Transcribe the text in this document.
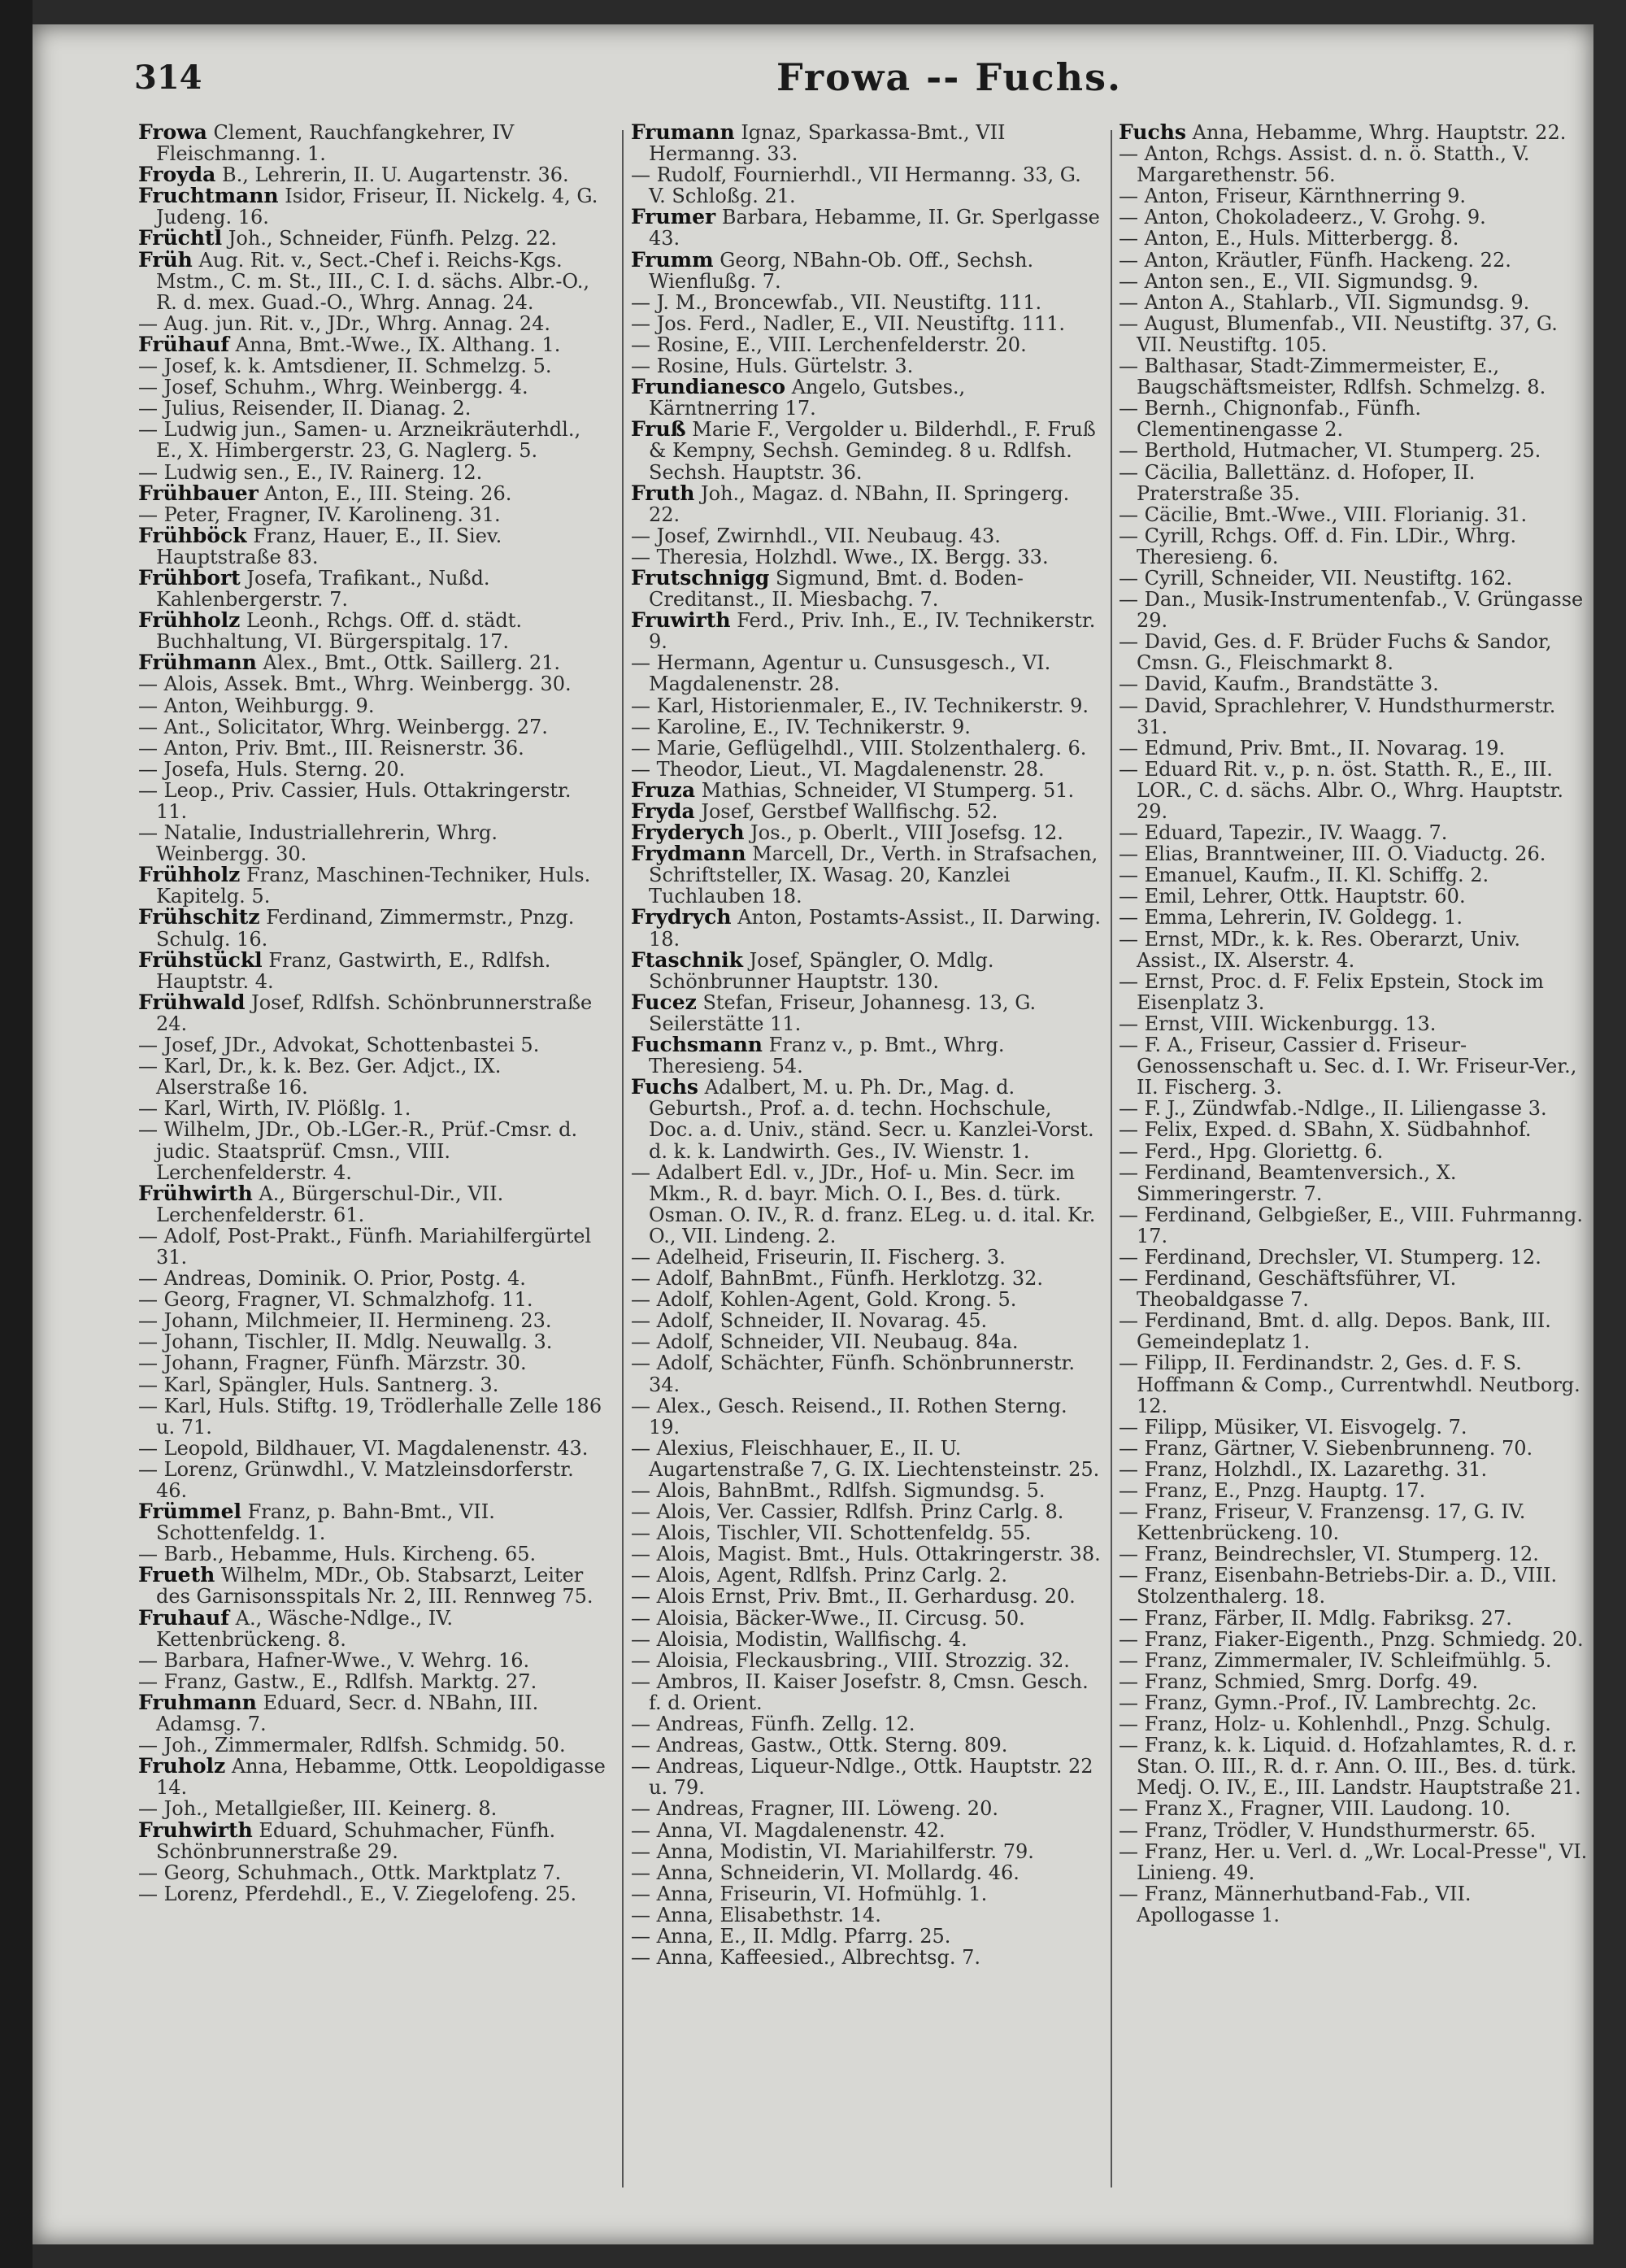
314	Frowa -- Fuchs.

Frowa Clement, Rauchfangkehrer, IV Fleischmanng. 1.

Froyda B., Lehrerin, II. U. Augartenstr. 36.

Fruchtmann Isidor, Friseur, II. Nickelg. 4, G. Judeng. 16.

Früchtl Joh., Schneider, Fünfh. Pelzg. 22.

Früh Aug. Rit. v., Sect.-Chef i. Reichs-Kgs. Mstm., C. m. St., III., C. I. d. sächs. Albr.-O., R. d. mex. Guad.-O., Whrg. Annag. 24.

— Aug. jun. Rit. v., JDr., Whrg. Annag. 24.

Frühauf Anna, Bmt.-Wwe., IX. Althang. 1.

— Josef, k. k. Amtsdiener, II. Schmelzg. 5.

— Josef, Schuhm., Whrg. Weinbergg. 4.

— Julius, Reisender, II. Dianag. 2.

— Ludwig jun., Samen- u. Arzneikräuterhdl., E., X. Himbergerstr. 23, G. Naglerg. 5.

— Ludwig sen., E., IV. Rainerg. 12.

Frühbauer Anton, E., III. Steing. 26.

— Peter, Fragner, IV. Karolineng. 31.

Frühböck Franz, Hauer, E., II. Siev. Hauptstraße 83.

Frühbort Josefa, Trafikant., Nußd. Kahlenbergerstr. 7.

Frühholz Leonh., Rchgs. Off. d. städt. Buchhaltung, VI. Bürgerspitalg. 17.

Frühmann Alex., Bmt., Ottk. Saillerg. 21.

— Alois, Assek. Bmt., Whrg. Weinbergg. 30.

— Anton, Weihburgg. 9.

— Ant., Solicitator, Whrg. Weinbergg. 27.

— Anton, Priv. Bmt., III. Reisnerstr. 36.

— Josefa, Huls. Sterng. 20.

— Leop., Priv. Cassier, Huls. Ottakringerstr. 11.

— Natalie, Industriallehrerin, Whrg. Weinbergg. 30.

Frühholz Franz, Maschinen-Techniker, Huls. Kapitelg. 5.

Frühschitz Ferdinand, Zimmermstr., Pnzg. Schulg. 16.

Frühstückl Franz, Gastwirth, E., Rdlfsh. Hauptstr. 4.

Frühwald Josef, Rdlfsh. Schönbrunnerstraße 24.

— Josef, JDr., Advokat, Schottenbastei 5.

— Karl, Dr., k. k. Bez. Ger. Adjct., IX. Alserstraße 16.

— Karl, Wirth, IV. Plößlg. 1.

— Wilhelm, JDr., Ob.-LGer.-R., Prüf.-Cmsr. d. judic. Staatsprüf. Cmsn., VIII. Lerchenfelderstr. 4.

Frühwirth A., Bürgerschul-Dir., VII. Lerchenfelderstr. 61.

— Adolf, Post-Prakt., Fünfh. Mariahilfergürtel 31.

— Andreas, Dominik. O. Prior, Postg. 4.

— Georg, Fragner, VI. Schmalzhofg. 11.

— Johann, Milchmeier, II. Hermineng. 23.

— Johann, Tischler, II. Mdlg. Neuwallg. 3.

— Johann, Fragner, Fünfh. Märzstr. 30.

— Karl, Spängler, Huls. Santnerg. 3.

— Karl, Huls. Stiftg. 19, Trödlerhalle Zelle 186 u. 71.

— Leopold, Bildhauer, VI. Magdalenenstr. 43.

— Lorenz, Grünwdhl., V. Matzleinsdorferstr. 46.

Frümmel Franz, p. Bahn-Bmt., VII. Schottenfeldg. 1.

— Barb., Hebamme, Huls. Kircheng. 65.

Frueth Wilhelm, MDr., Ob. Stabsarzt, Leiter des Garnisonsspitals Nr. 2, III. Rennweg 75.

Fruhauf A., Wäsche-Ndlge., IV. Kettenbrückeng. 8.

— Barbara, Hafner-Wwe., V. Wehrg. 16.

— Franz, Gastw., E., Rdlfsh. Marktg. 27.

Fruhmann Eduard, Secr. d. NBahn, III. Adamsg. 7.

— Joh., Zimmermaler, Rdlfsh. Schmidg. 50.

Fruholz Anna, Hebamme, Ottk. Leopoldigasse 14.

— Joh., Metallgießer, III. Keinerg. 8.

Fruhwirth Eduard, Schuhmacher, Fünfh. Schönbrunnerstraße 29.

— Georg, Schuhmach., Ottk. Marktplatz 7.

— Lorenz, Pferdehdl., E., V. Ziegelofeng. 25.

Frumann Ignaz, Sparkassa-Bmt., VII Hermanng. 33.

— Rudolf, Fournierhdl., VII Hermanng. 33, G. V. Schloßg. 21.

Frumer Barbara, Hebamme, II. Gr. Sperlgasse 43.

Frumm Georg, NBahn-Ob. Off., Sechsh. Wienflußg. 7.

— J. M., Broncewfab., VII. Neustiftg. 111.

— Jos. Ferd., Nadler, E., VII. Neustiftg. 111.

— Rosine, E., VIII. Lerchenfelderstr. 20.

— Rosine, Huls. Gürtelstr. 3.

Frundianesco Angelo, Gutsbes., Kärntnerring 17.

Fruß Marie F., Vergolder u. Bilderhdl., F. Fruß & Kempny, Sechsh. Gemindeg. 8 u. Rdlfsh. Sechsh. Hauptstr. 36.

Fruth Joh., Magaz. d. NBahn, II. Springerg. 22.

— Josef, Zwirnhdl., VII. Neubaug. 43.

— Theresia, Holzhdl. Wwe., IX. Bergg. 33.

Frutschnigg Sigmund, Bmt. d. Boden-Creditanst., II. Miesbachg. 7.

Fruwirth Ferd., Priv. Inh., E., IV. Technikerstr. 9.

— Hermann, Agentur u. Cunsusgesch., VI. Magdalenenstr. 28.

— Karl, Historienmaler, E., IV. Technikerstr. 9.

— Karoline, E., IV. Technikerstr. 9.

— Marie, Geflügelhdl., VIII. Stolzenthalerg. 6.

— Theodor, Lieut., VI. Magdalenenstr. 28.

Fruza Mathias, Schneider, VI Stumperg. 51.

Fryda Josef, Gerstbef Wallfischg. 52.

Fryderych Jos., p. Oberlt., VIII Josefsg. 12.

Frydmann Marcell, Dr., Verth. in Strafsachen, Schriftsteller, IX. Wasag. 20, Kanzlei Tuchlauben 18.

Frydrych Anton, Postamts-Assist., II. Darwing. 18.

Ftaschnik Josef, Spängler, O. Mdlg. Schönbrunner Hauptstr. 130.

Fucez Stefan, Friseur, Johannesg. 13, G. Seilerstätte 11.

Fuchsmann Franz v., p. Bmt., Whrg. Theresieng. 54.

Fuchs Adalbert, M. u. Ph. Dr., Mag. d. Geburtsh., Prof. a. d. techn. Hochschule, Doc. a. d. Univ., ständ. Secr. u. Kanzlei-Vorst. d. k. k. Landwirth. Ges., IV. Wienstr. 1.

— Adalbert Edl. v., JDr., Hof- u. Min. Secr. im Mkm., R. d. bayr. Mich. O. I., Bes. d. türk. Osman. O. IV., R. d. franz. ELeg. u. d. ital. Kr. O., VII. Lindeng. 2.

— Adelheid, Friseurin, II. Fischerg. 3.

— Adolf, BahnBmt., Fünfh. Herklotzg. 32.

— Adolf, Kohlen-Agent, Gold. Krong. 5.

— Adolf, Schneider, II. Novarag. 45.

— Adolf, Schneider, VII. Neubaug. 84a.

— Adolf, Schächter, Fünfh. Schönbrunnerstr. 34.

— Alex., Gesch. Reisend., II. Rothen Sterng. 19.

— Alexius, Fleischhauer, E., II. U. Augartenstraße 7, G. IX. Liechtensteinstr. 25.

— Alois, BahnBmt., Rdlfsh. Sigmundsg. 5.

— Alois, Ver. Cassier, Rdlfsh. Prinz Carlg. 8.

— Alois, Tischler, VII. Schottenfeldg. 55.

— Alois, Magist. Bmt., Huls. Ottakringerstr. 38.

— Alois, Agent, Rdlfsh. Prinz Carlg. 2.

— Alois Ernst, Priv. Bmt., II. Gerhardusg. 20.

— Aloisia, Bäcker-Wwe., II. Circusg. 50.

— Aloisia, Modistin, Wallfischg. 4.

— Aloisia, Fleckausbring., VIII. Strozzig. 32.

— Ambros, II. Kaiser Josefstr. 8, Cmsn. Gesch. f. d. Orient.

— Andreas, Fünfh. Zellg. 12.

— Andreas, Gastw., Ottk. Sterng. 809.

— Andreas, Liqueur-Ndlge., Ottk. Hauptstr. 22 u. 79.

— Andreas, Fragner, III. Löweng. 20.

— Anna, VI. Magdalenenstr. 42.

— Anna, Modistin, VI. Mariahilferstr. 79.

— Anna, Schneiderin, VI. Mollardg. 46.

— Anna, Friseurin, VI. Hofmühlg. 1.

— Anna, Elisabethstr. 14.

— Anna, E., II. Mdlg. Pfarrg. 25.

— Anna, Kaffeesied., Albrechtsg. 7.

Fuchs Anna, Hebamme, Whrg. Hauptstr. 22.

— Anton, Rchgs. Assist. d. n. ö. Statth., V. Margarethenstr. 56.

— Anton, Friseur, Kärnthnerring 9.

— Anton, Chokoladeerz., V. Grohg. 9.

— Anton, E., Huls. Mitterbergg. 8.

— Anton, Kräutler, Fünfh. Hackeng. 22.

— Anton sen., E., VII. Sigmundsg. 9.

— Anton A., Stahlarb., VII. Sigmundsg. 9.

— August, Blumenfab., VII. Neustiftg. 37, G. VII. Neustiftg. 105.

— Balthasar, Stadt-Zimmermeister, E., Baugschäftsmeister, Rdlfsh. Schmelzg. 8.

— Bernh., Chignonfab., Fünfh. Clementinengasse 2.

— Berthold, Hutmacher, VI. Stumperg. 25.

— Cäcilia, Ballettänz. d. Hofoper, II. Praterstraße 35.

— Cäcilie, Bmt.-Wwe., VIII. Florianig. 31.

— Cyrill, Rchgs. Off. d. Fin. LDir., Whrg. Theresieng. 6.

— Cyrill, Schneider, VII. Neustiftg. 162.

— Dan., Musik-Instrumentenfab., V. Grüngasse 29.

— David, Ges. d. F. Brüder Fuchs & Sandor, Cmsn. G., Fleischmarkt 8.

— David, Kaufm., Brandstätte 3.

— David, Sprachlehrer, V. Hundsthurmerstr. 31.

— Edmund, Priv. Bmt., II. Novarag. 19.

— Eduard Rit. v., p. n. öst. Statth. R., E., III. LOR., C. d. sächs. Albr. O., Whrg. Hauptstr. 29.

— Eduard, Tapezir., IV. Waagg. 7.

— Elias, Branntweiner, III. O. Viaductg. 26.

— Emanuel, Kaufm., II. Kl. Schiffg. 2.

— Emil, Lehrer, Ottk. Hauptstr. 60.

— Emma, Lehrerin, IV. Goldegg. 1.

— Ernst, MDr., k. k. Res. Oberarzt, Univ. Assist., IX. Alserstr. 4.

— Ernst, Proc. d. F. Felix Epstein, Stock im Eisenplatz 3.

— Ernst, VIII. Wickenburgg. 13.

— F. A., Friseur, Cassier d. Friseur-Genossenschaft u. Sec. d. I. Wr. Friseur-Ver., II. Fischerg. 3.

— F. J., Zündwfab.-Ndlge., II. Liliengasse 3.

— Felix, Exped. d. SBahn, X. Südbahnhof.

— Ferd., Hpg. Gloriettg. 6.

— Ferdinand, Beamtenversich., X. Simmeringerstr. 7.

— Ferdinand, Gelbgießer, E., VIII. Fuhrmanng. 17.

— Ferdinand, Drechsler, VI. Stumperg. 12.

— Ferdinand, Geschäftsführer, VI. Theobaldgasse 7.

— Ferdinand, Bmt. d. allg. Depos. Bank, III. Gemeindeplatz 1.

— Filipp, II. Ferdinandstr. 2, Ges. d. F. S. Hoffmann & Comp., Currentwhdl. Neutborg. 12.

— Filipp, Müsiker, VI. Eisvogelg. 7.

— Franz, Gärtner, V. Siebenbrunneng. 70.

— Franz, Holzhdl., IX. Lazarethg. 31.

— Franz, E., Pnzg. Hauptg. 17.

— Franz, Friseur, V. Franzensg. 17, G. IV. Kettenbrückeng. 10.

— Franz, Beindrechsler, VI. Stumperg. 12.

— Franz, Eisenbahn-Betriebs-Dir. a. D., VIII. Stolzenthalerg. 18.

— Franz, Färber, II. Mdlg. Fabriksg. 27.

— Franz, Fiaker-Eigenth., Pnzg. Schmiedg. 20.

— Franz, Zimmermaler, IV. Schleifmühlg. 5.

— Franz, Schmied, Smrg. Dorfg. 49.

— Franz, Gymn.-Prof., IV. Lambrechtg. 2c.

— Franz, Holz- u. Kohlenhdl., Pnzg. Schulg.

— Franz, k. k. Liquid. d. Hofzahlamtes, R. d. r. Stan. O. III., R. d. r. Ann. O. III., Bes. d. türk. Medj. O. IV., E., III. Landstr. Hauptstraße 21.

— Franz X., Fragner, VIII. Laudong. 10.

— Franz, Trödler, V. Hundsthurmerstr. 65.

— Franz, Her. u. Verl. d. „Wr. Local-Presse", VI. Linieng. 49.

— Franz, Männerhutband-Fab., VII. Apollogasse 1.
